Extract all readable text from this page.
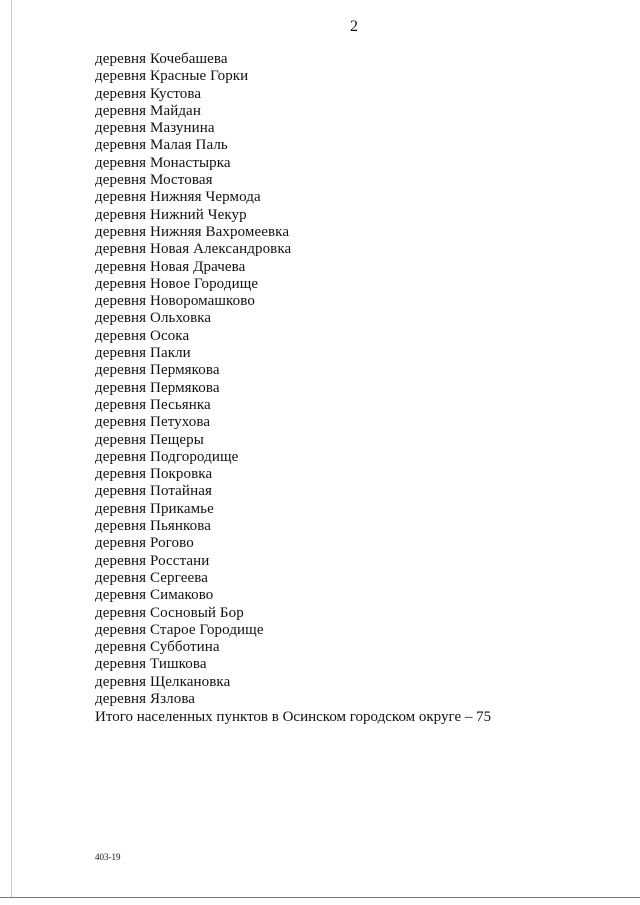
2
деревня Кочебашева
деревня Красные Горки
деревня Кустова
деревня Майдан
деревня Мазунина
деревня Малая Паль
деревня Монастырка
деревня Мостовая
деревня Нижняя Чермода
деревня Нижний Чекур
деревня Нижняя Вахромеевка
деревня Новая Александровка
деревня Новая Драчева
деревня Новое Городище
деревня Новоромашково
деревня Ольховка
деревня Осока
деревня Пакли
деревня Пермякова
деревня Пермякова
деревня Песьянка
деревня Петухова
деревня Пещеры
деревня Подгородище
деревня Покровка
деревня Потайная
деревня Прикамье
деревня Пьянкова
деревня Рогово
деревня Росстани
деревня Сергеева
деревня Симаково
деревня Сосновый Бор
деревня Старое Городище
деревня Субботина
деревня Тишкова
деревня Щелкановка
деревня Язлова
Итого населенных пунктов в Осинском городском округе – 75
403-19
